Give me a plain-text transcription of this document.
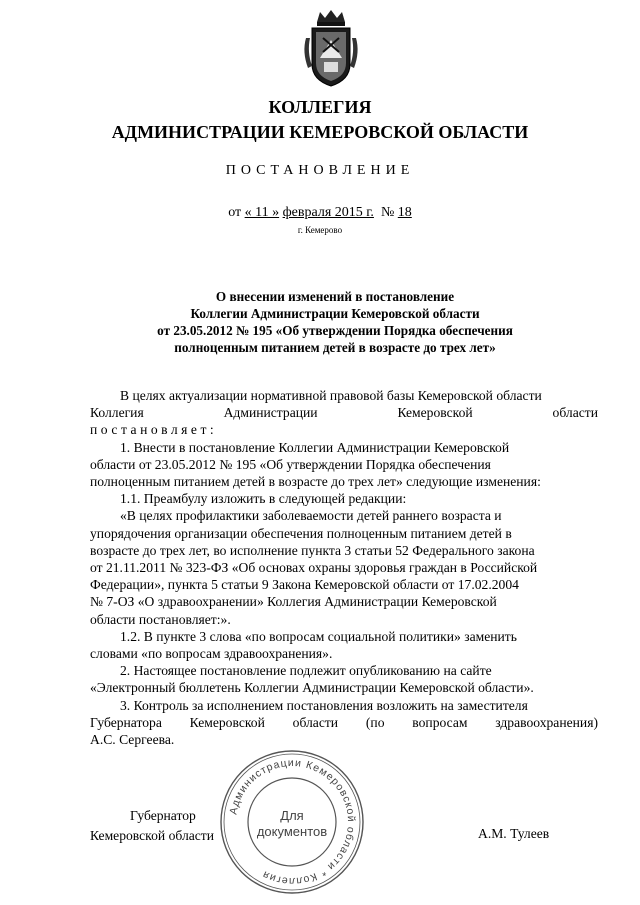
КОЛЛЕГИЯ
АДМИНИСТРАЦИИ КЕМЕРОВСКОЙ ОБЛАСТИ
ПОСТАНОВЛЕНИЕ
от « 11 » февраля 2015 г. № 18
г. Кемерово
О внесении изменений в постановление
Коллегии Администрации Кемеровской области
от 23.05.2012 № 195 «Об утверждении Порядка обеспечения
полноценным питанием детей в возрасте до трех лет»
В целях актуализации нормативной правовой базы Кемеровской области
Коллегия	Администрации	Кемеровской	области
постановляет:
1. Внести в постановление Коллегии Администрации Кемеровской
области от 23.05.2012 № 195 «Об утверждении Порядка обеспечения
полноценным питанием детей в возрасте до трех лет» следующие изменения:
1.1. Преамбулу изложить в следующей редакции:
«В целях профилактики заболеваемости детей раннего возраста и
упорядочения организации обеспечения полноценным питанием детей в
возрасте до трех лет, во исполнение пункта 3 статьи 52 Федерального закона
от 21.11.2011 № 323-ФЗ «Об основах охраны здоровья граждан в Российской
Федерации», пункта 5 статьи 9 Закона Кемеровской области от 17.02.2004
№ 7-ОЗ «О здравоохранении» Коллегия Администрации Кемеровской
области постановляет:».
1.2. В пункте 3 слова «по вопросам социальной политики» заменить
словами «по вопросам здравоохранения».
2. Настоящее постановление подлежит опубликованию на сайте
«Электронный бюллетень Коллегии Администрации Кемеровской области».
3. Контроль за исполнением постановления возложить на заместителя
Губернатора Кемеровской области (по вопросам здравоохранения)
А.С. Сергеева.
Администрации Кемеровской области * Коллегия
Для
документов
Губернатор
Кемеровской области	А.М. Тулеев
